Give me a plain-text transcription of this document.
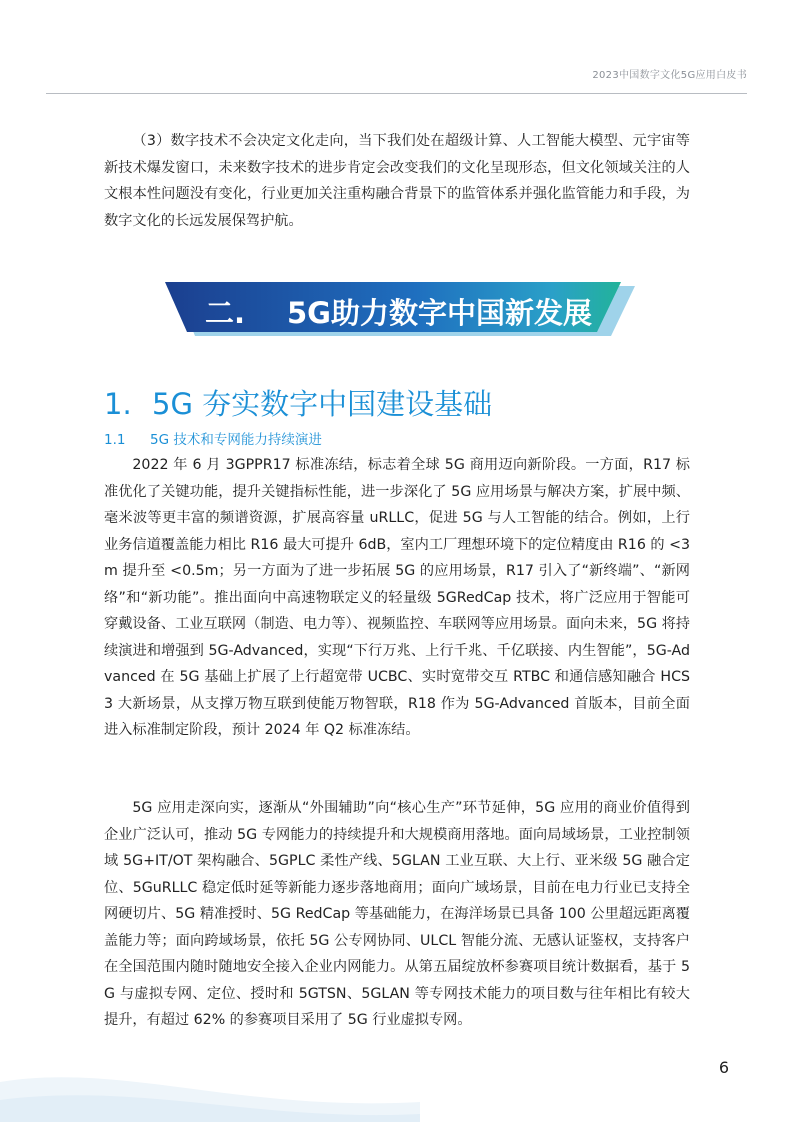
2023中国数字文化5G应用白皮书

（3）数字技术不会决定文化走向，当下我们处在超级计算、人工智能大模型、元宇宙等新技术爆发窗口，未来数字技术的进步肯定会改变我们的文化呈现形态，但文化领域关注的人文根本性问题没有变化，行业更加关注重构融合背景下的监管体系并强化监管能力和手段，为数字文化的长远发展保驾护航。

二. 5G助力数字中国新发展
1. 5G 夯实数字中国建设基础
1.1 5G 技术和专网能力持续演进

2022 年 6 月 3GPPR17 标准冻结，标志着全球 5G 商用迈向新阶段。一方面，R17 标准优化了关键功能，提升关键指标性能，进一步深化了 5G 应用场景与解决方案，扩展中频、毫米波等更丰富的频谱资源，扩展高容量 uRLLC，促进 5G 与人工智能的结合。例如，上行业务信道覆盖能力相比 R16 最大可提升 6dB，室内工厂理想环境下的定位精度由 R16 的 <3m 提升至 <0.5m；另一方面为了进一步拓展 5G 的应用场景，R17 引入了“新终端”、“新网络”和“新功能”。推出面向中高速物联定义的轻量级 5GRedCap 技术，将广泛应用于智能可穿戴设备、工业互联网（制造、电力等）、视频监控、车联网等应用场景。面向未来，5G 将持续演进和增强到 5G-Advanced，实现“下行万兆、上行千兆、千亿联接、内生智能”，5G-Advanced 在 5G 基础上扩展了上行超宽带 UCBC、实时宽带交互 RTBC 和通信感知融合 HCS3 大新场景，从支撑万物互联到使能万物智联，R18 作为 5G-Advanced 首版本，目前全面进入标准制定阶段，预计 2024 年 Q2 标准冻结。

5G 应用走深向实，逐渐从“外围辅助”向“核心生产”环节延伸，5G 应用的商业价值得到企业广泛认可，推动 5G 专网能力的持续提升和大规模商用落地。面向局域场景，工业控制领域 5G+IT/OT 架构融合、5GPLC 柔性产线、5GLAN 工业互联、大上行、亚米级 5G 融合定位、5GuRLLC 稳定低时延等新能力逐步落地商用；面向广域场景，目前在电力行业已支持全网硬切片、5G 精准授时、5G RedCap 等基础能力，在海洋场景已具备 100 公里超远距离覆盖能力等；面向跨域场景，依托 5G 公专网协同、ULCL 智能分流、无感认证鉴权，支持客户在全国范围内随时随地安全接入企业内网能力。从第五届绽放杯参赛项目统计数据看，基于 5G 与虚拟专网、定位、授时和 5GTSN、5GLAN 等专网技术能力的项目数与往年相比有较大提升，有超过 62% 的参赛项目采用了 5G 行业虚拟专网。

6
